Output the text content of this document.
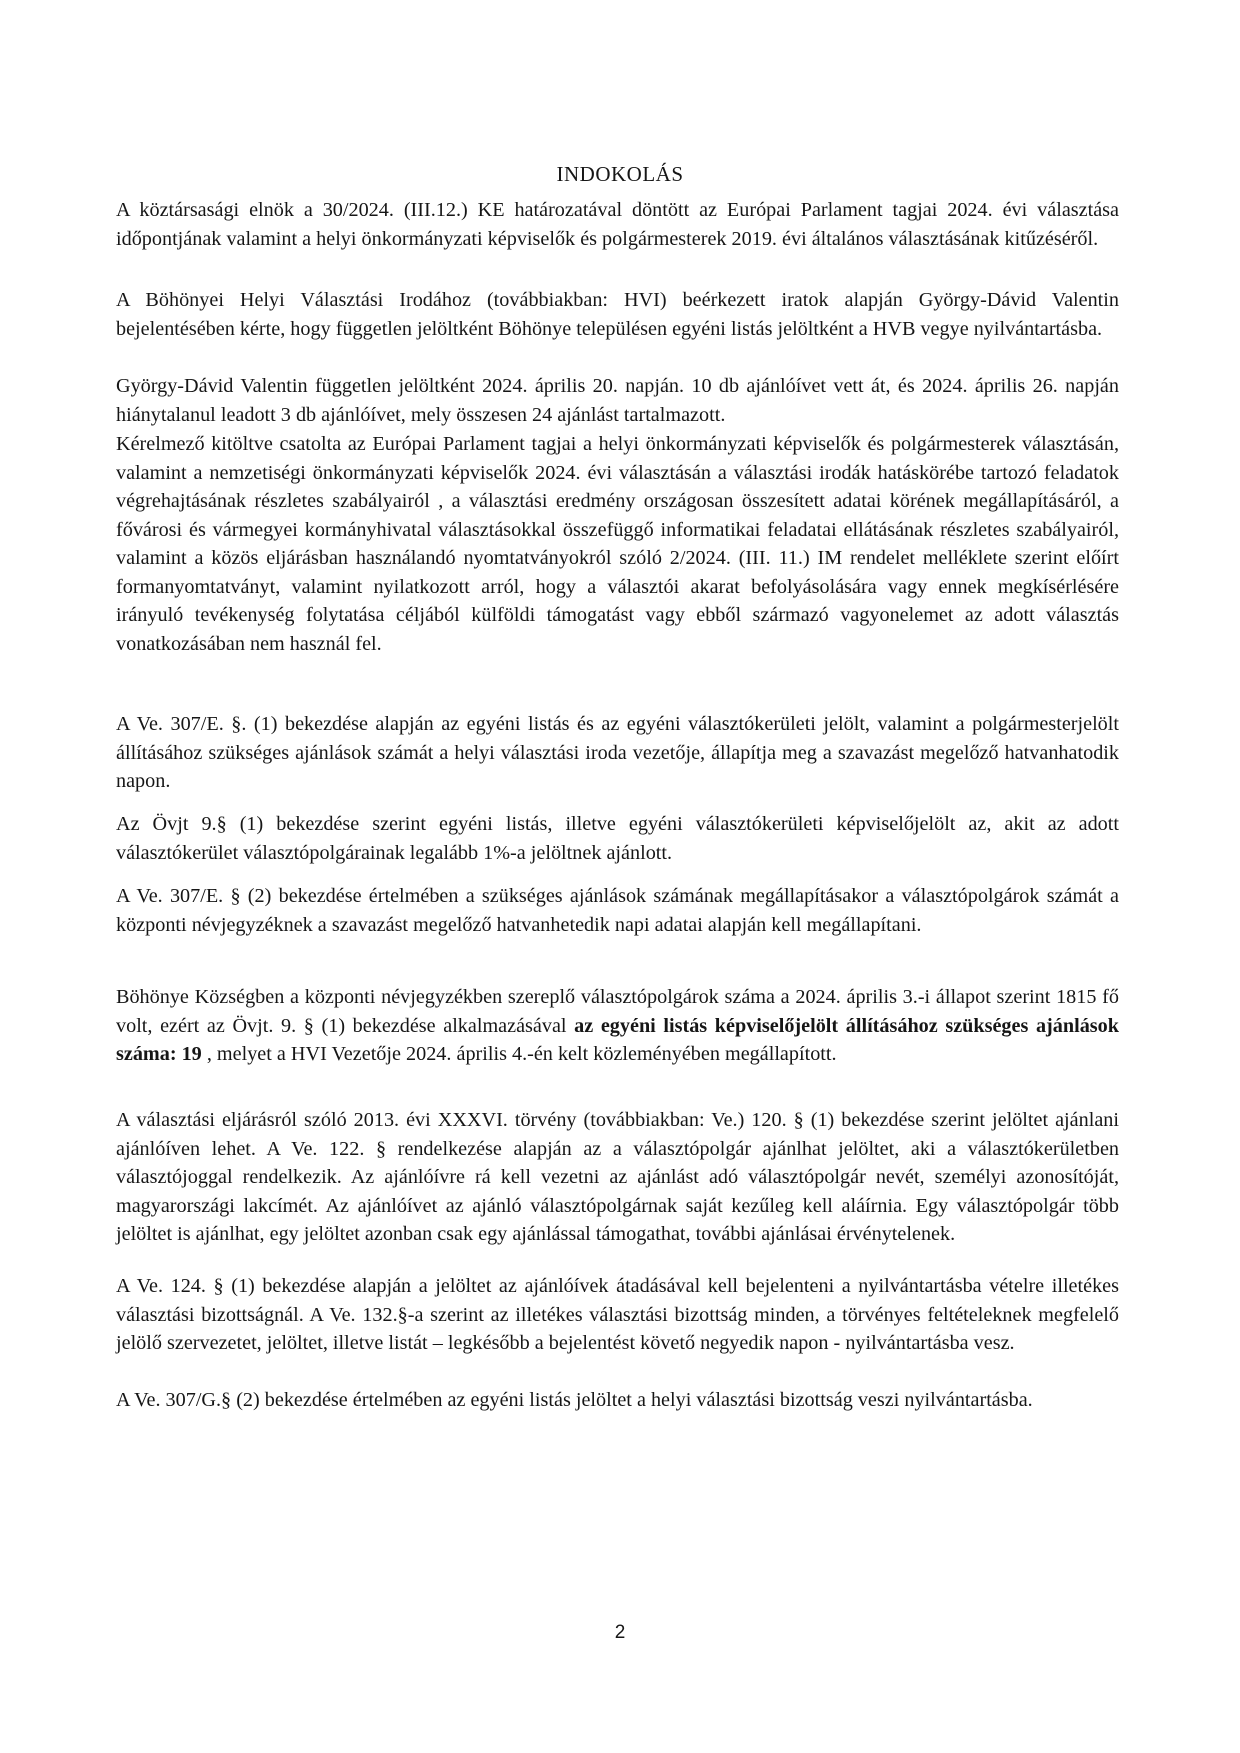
INDOKOLÁS

A köztársasági elnök a 30/2024. (III.12.) KE határozatával döntött az Európai Parlament tagjai 2024. évi választása időpontjának valamint a helyi önkormányzati képviselők és polgármesterek 2019. évi általános választásának kitűzéséről.

A Böhönyei Helyi Választási Irodához (továbbiakban: HVI) beérkezett iratok alapján György-Dávid Valentin bejelentésében kérte, hogy független jelöltként Böhönye településen egyéni listás jelöltként a HVB vegye nyilvántartásba.

György-Dávid Valentin független jelöltként 2024. április 20. napján. 10 db ajánlóívet vett át, és 2024. április 26. napján hiánytalanul leadott 3 db ajánlóívet, mely összesen 24 ajánlást tartalmazott.

Kérelmező kitöltve csatolta az Európai Parlament tagjai a helyi önkormányzati képviselők és polgármesterek választásán, valamint a nemzetiségi önkormányzati képviselők 2024. évi választásán a választási irodák hatáskörébe tartozó feladatok végrehajtásának részletes szabályairól , a választási eredmény országosan összesített adatai körének megállapításáról, a fővárosi és vármegyei kormányhivatal választásokkal összefüggő informatikai feladatai ellátásának részletes szabályairól, valamint a közös eljárásban használandó nyomtatványokról szóló 2/2024. (III. 11.) IM rendelet melléklete szerint előírt formanyomtatványt, valamint nyilatkozott arról, hogy a választói akarat befolyásolására vagy ennek megkísérlésére irányuló tevékenység folytatása céljából külföldi támogatást vagy ebből származó vagyonelemet az adott választás vonatkozásában nem használ fel.

A Ve. 307/E. §. (1) bekezdése alapján az egyéni listás és az egyéni választókerületi jelölt, valamint a polgármesterjelölt állításához szükséges ajánlások számát a helyi választási iroda vezetője, állapítja meg a szavazást megelőző hatvanhatodik napon.

Az Övjt 9.§ (1) bekezdése szerint egyéni listás, illetve egyéni választókerületi képviselőjelölt az, akit az adott választókerület választópolgárainak legalább 1%-a jelöltnek ajánlott.

A Ve. 307/E. § (2) bekezdése értelmében a szükséges ajánlások számának megállapításakor a választópolgárok számát a központi névjegyzéknek a szavazást megelőző hatvanhetedik napi adatai alapján kell megállapítani.

Böhönye Községben a központi névjegyzékben szereplő választópolgárok száma a 2024. április 3.-i állapot szerint 1815 fő volt, ezért az Övjt. 9. § (1) bekezdése alkalmazásával az egyéni listás képviselőjelölt állításához szükséges ajánlások száma: 19 , melyet a HVI Vezetője 2024. április 4.-én kelt közleményében megállapított.

A választási eljárásról szóló 2013. évi XXXVI. törvény (továbbiakban: Ve.) 120. § (1) bekezdése szerint jelöltet ajánlani ajánlóíven lehet. A Ve. 122. § rendelkezése alapján az a választópolgár ajánlhat jelöltet, aki a választókerületben választójoggal rendelkezik. Az ajánlóívre rá kell vezetni az ajánlást adó választópolgár nevét, személyi azonosítóját, magyarországi lakcímét. Az ajánlóívet az ajánló választópolgárnak saját kezűleg kell aláírnia. Egy választópolgár több jelöltet is ajánlhat, egy jelöltet azonban csak egy ajánlással támogathat, további ajánlásai érvénytelenek.

A Ve. 124. § (1) bekezdése alapján a jelöltet az ajánlóívek átadásával kell bejelenteni a nyilvántartásba vételre illetékes választási bizottságnál. A Ve. 132.§-a szerint az illetékes választási bizottság minden, a törvényes feltételeknek megfelelő jelölő szervezetet, jelöltet, illetve listát – legkésőbb a bejelentést követő negyedik napon - nyilvántartásba vesz.

A Ve. 307/G.§ (2) bekezdése értelmében az egyéni listás jelöltet a helyi választási bizottság veszi nyilvántartásba.

2
